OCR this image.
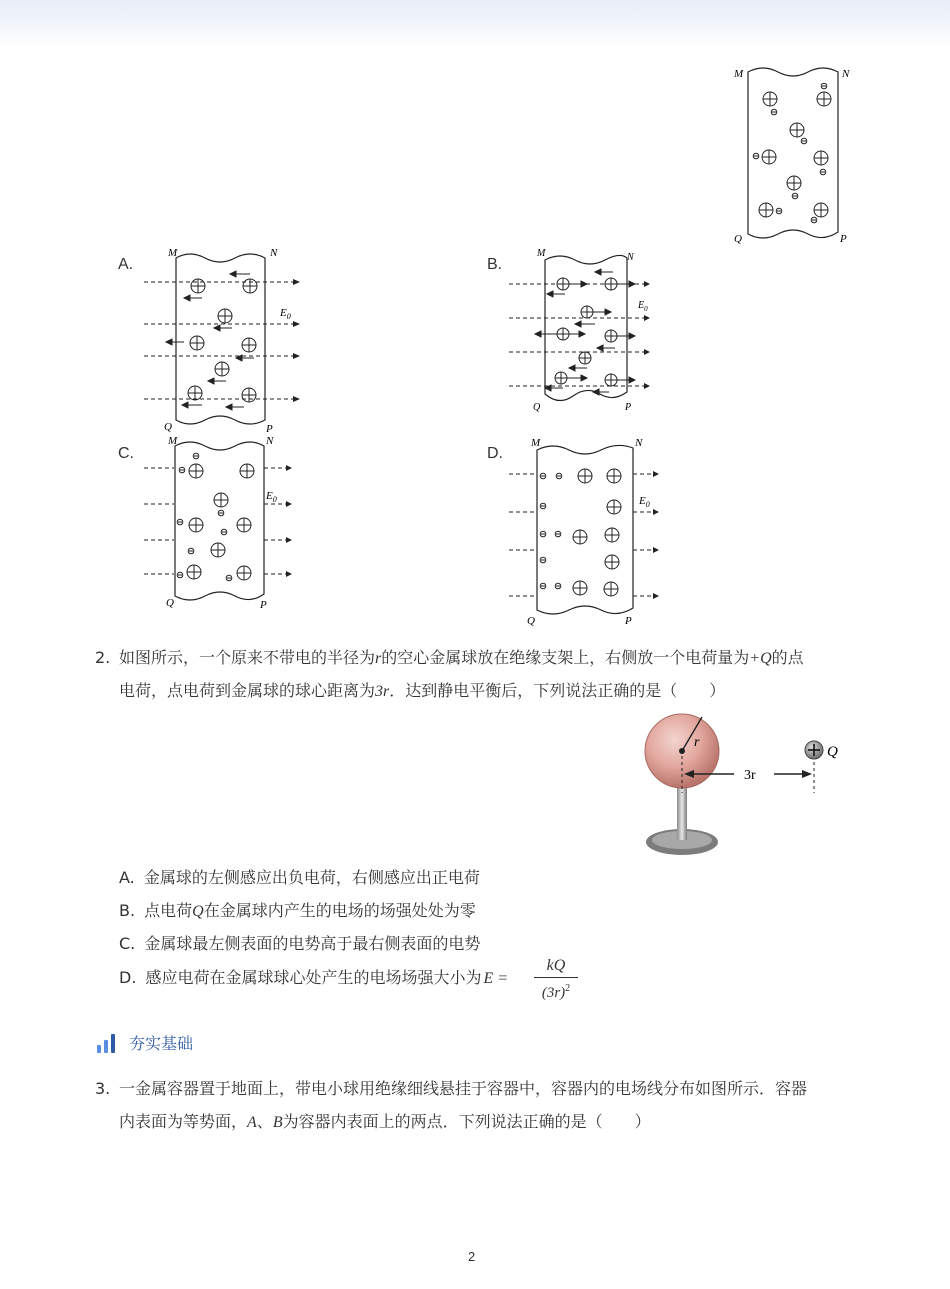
M	N
Q	P
A.
M	N
Q	P
$E_0$
B.
M	N
Q	P
$E_0$
C.
M	N
Q	P
$E_0$
D.
M	N
Q	P
$E_0$
2. 如图所示，一个原来不带电的半径为r的空心金属球放在绝缘支架上，右侧放一个电荷量为+Q的点
电荷，点电荷到金属球的球心距离为3r．达到静电平衡后，下列说法正确的是（　　）
r
3r
Q
A. 金属球的左侧感应出负电荷，右侧感应出正电荷
B. 点电荷Q在金属球内产生的电场的场强处处为零
C. 金属球最左侧表面的电势高于最右侧表面的电势
D. 感应电荷在金属球球心处产生的电场场强大小为 E =
kQ
$(3r)^2$
夯实基础
3. 一金属容器置于地面上，带电小球用绝缘细线悬挂于容器中，容器内的电场线分布如图所示．容器
内表面为等势面，A、B为容器内表面上的两点．下列说法正确的是（　　）
2
